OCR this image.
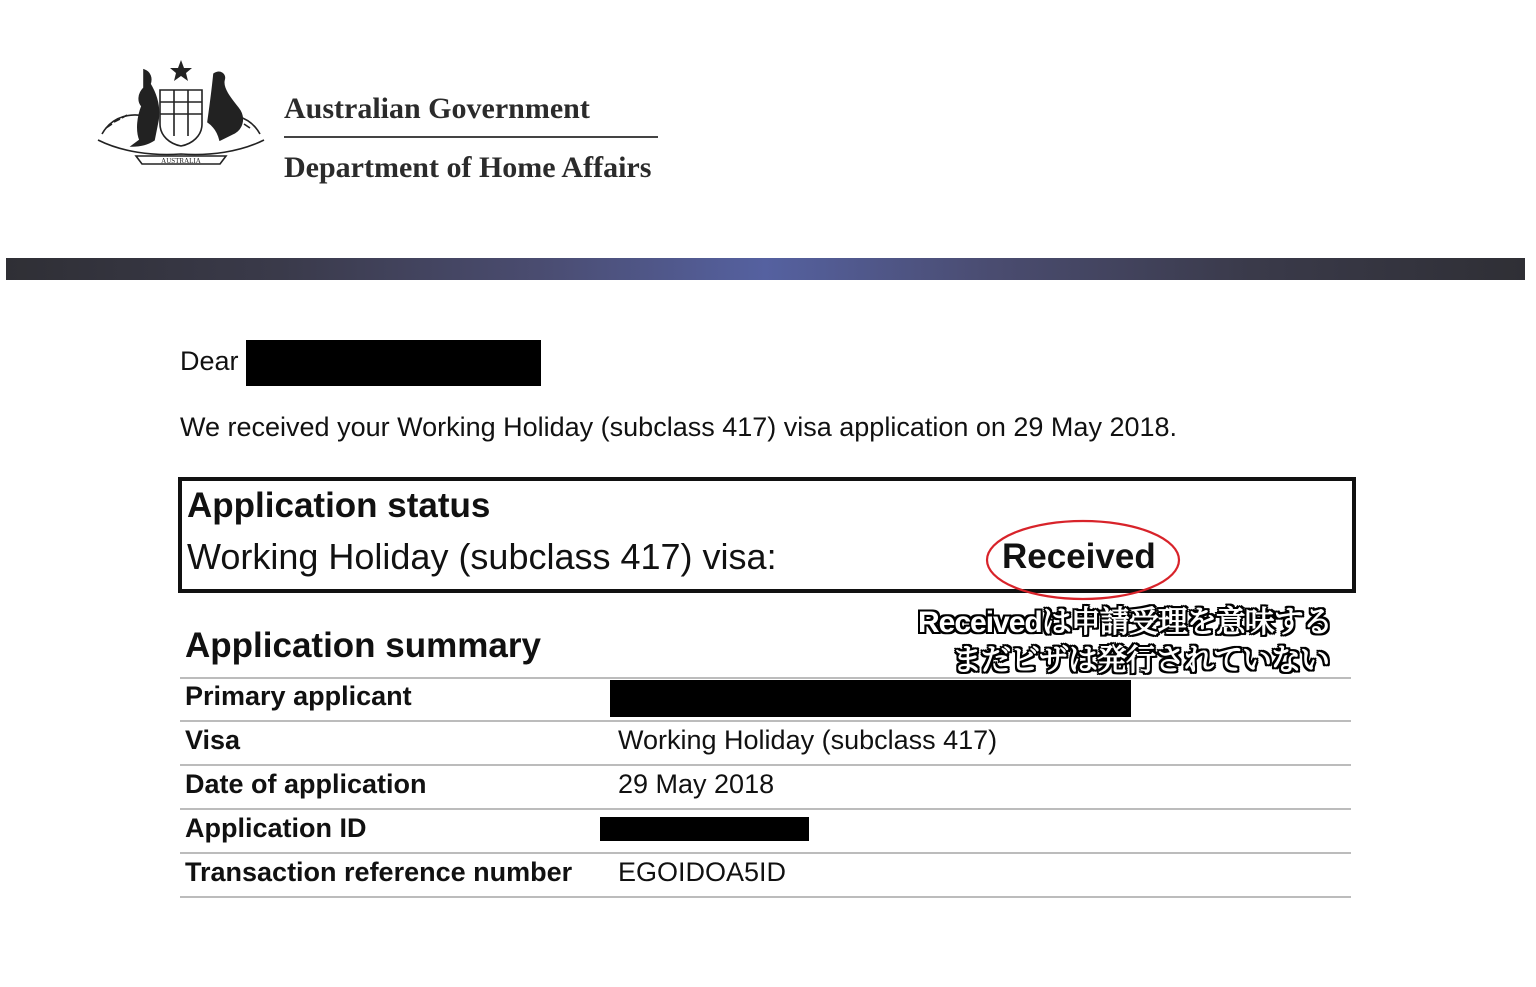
AUSTRALIA
Australian Government
Department of Home Affairs
Dear
We received your Working Holiday (subclass 417) visa application on 29 May 2018.
Application status
Working Holiday (subclass 417) visa:	Received
Receivedは申請受理を意味する
まだビザは発行されていない
Application summary
Primary applicant
Visa	Working Holiday (subclass 417)
Date of application	29 May 2018
Application ID
Transaction reference number EGOIDOA5ID
